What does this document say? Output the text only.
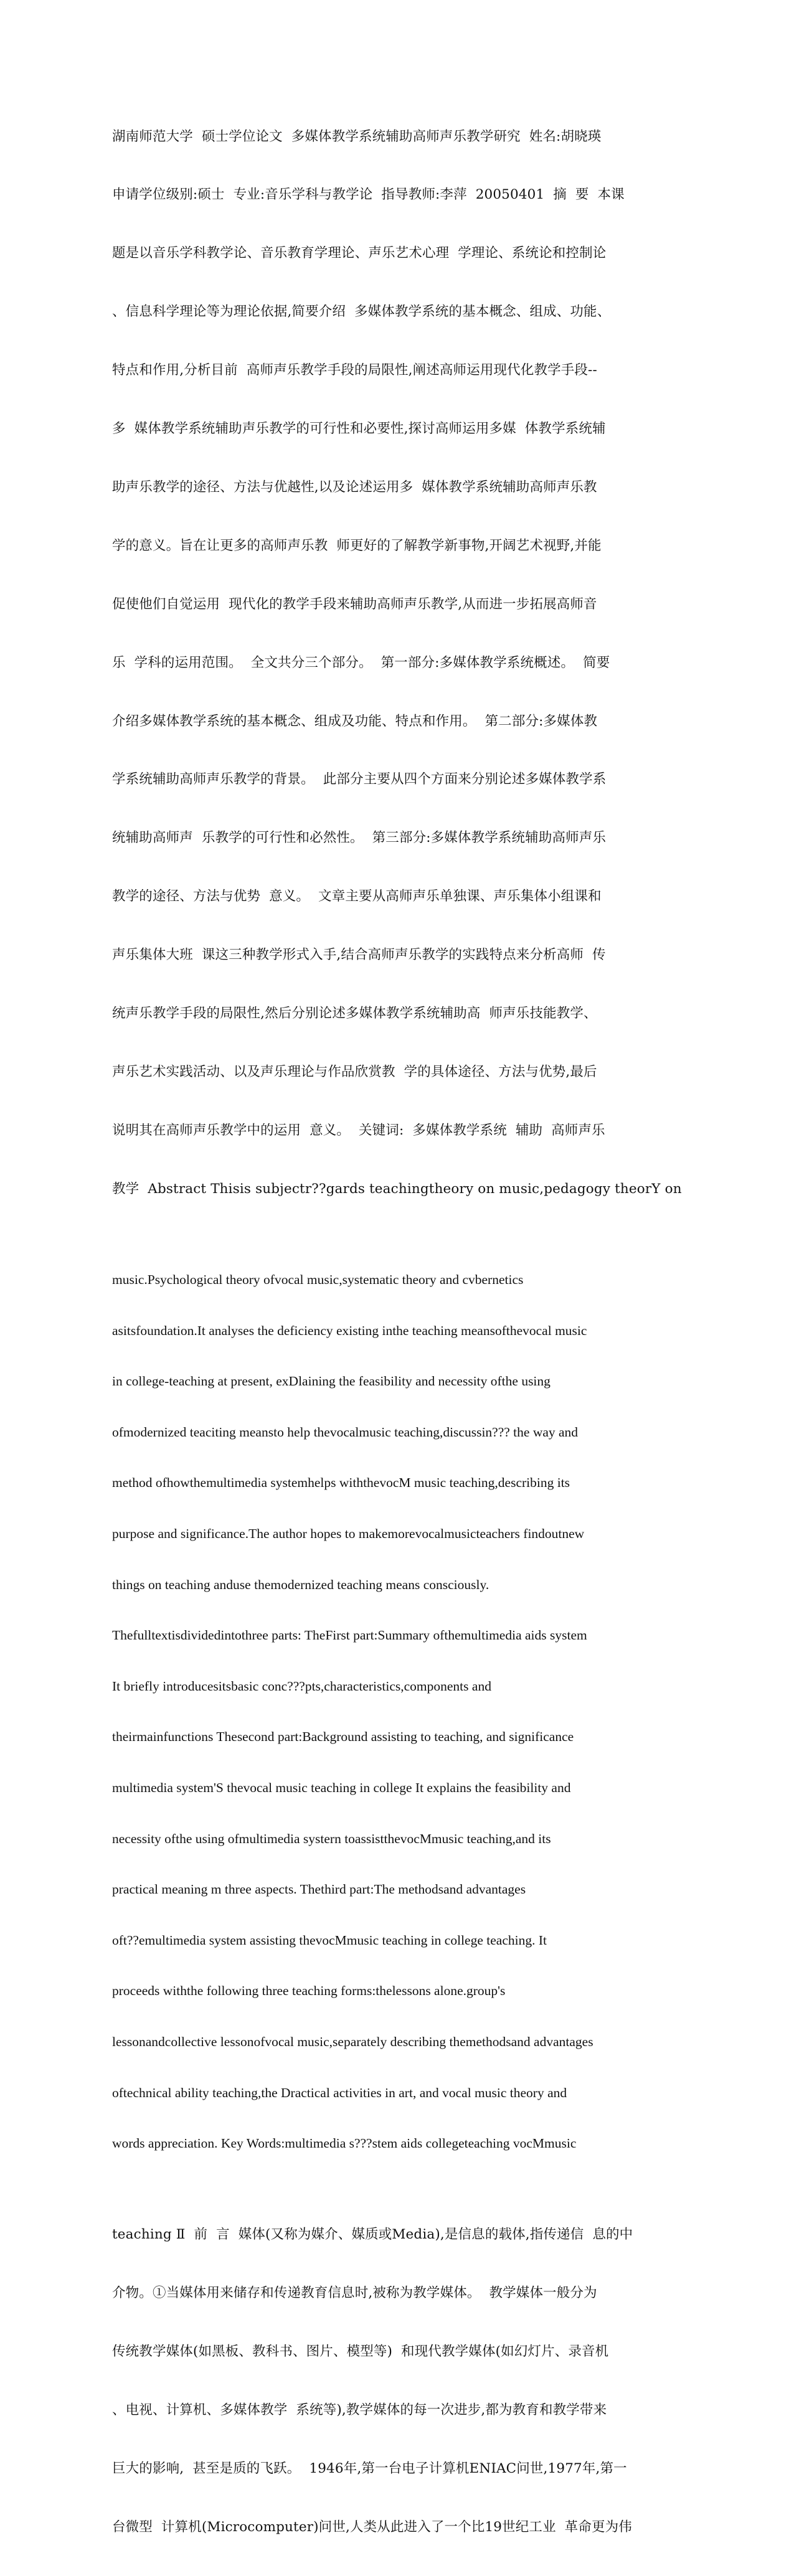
湖南师范大学  硕士学位论文  多媒体教学系统辅助高师声乐教学研究  姓名:胡晓瑛

申请学位级别:硕士  专业:音乐学科与教学论  指导教师:李萍  20050401  摘  要  本课

题是以音乐学科教学论、音乐教育学理论、声乐艺术心理  学理论、系统论和控制论

、信息科学理论等为理论依据,简要介绍  多媒体教学系统的基本概念、组成、功能、

特点和作用,分析目前  高师声乐教学手段的局限性,阐述高师运用现代化教学手段--

多  媒体教学系统辅助声乐教学的可行性和必要性,探讨高师运用多媒  体教学系统辅

助声乐教学的途径、方法与优越性,以及论述运用多  媒体教学系统辅助高师声乐教

学的意义。旨在让更多的高师声乐教  师更好的了解教学新事物,开阔艺术视野,并能

促使他们自觉运用  现代化的教学手段来辅助高师声乐教学,从而进一步拓展高师音

乐  学科的运用范围。  全文共分三个部分。  第一部分:多媒体教学系统概述。  简要

介绍多媒体教学系统的基本概念、组成及功能、特点和作用。  第二部分:多媒体教

学系统辅助高师声乐教学的背景。  此部分主要从四个方面来分别论述多媒体教学系

统辅助高师声  乐教学的可行性和必然性。  第三部分:多媒体教学系统辅助高师声乐

教学的途径、方法与优势  意义。  文章主要从高师声乐单独课、声乐集体小组课和

声乐集体大班  课这三种教学形式入手,结合高师声乐教学的实践特点来分析高师  传

统声乐教学手段的局限性,然后分别论述多媒体教学系统辅助高  师声乐技能教学、

声乐艺术实践活动、以及声乐理论与作品欣赏教  学的具体途径、方法与优势,最后

说明其在高师声乐教学中的运用  意义。  关键词:  多媒体教学系统  辅助  高师声乐

教学  Abstract Thisis subjectr??gards teachingtheory on music,pedagogy theorY on

music.Psychological theory ofvocal music,systematic theory and cvbernetics

asitsfoundation.It analyses the deficiency existing inthe teaching meansofthevocal music

in college-teaching at present, exDlaining the feasibility and necessity ofthe using

ofmodernized teaciting meansto help thevocalmusic teaching,discussin??? the way and

method ofhowthemultimedia systemhelps withthevocM music teaching,describing its

purpose and significance.The author hopes to makemorevocalmusicteachers findoutnew

things on teaching anduse themodernized teaching means consciously.

Thefulltextisdividedintothree parts: TheFirst part:Summary ofthemultimedia aids system

It briefly introducesitsbasic conc???pts,characteristics,components and

theirmainfunctions Thesecond part:Background assisting to teaching, and significance

multimedia system'S thevocal music teaching in college It explains the feasibility and

necessity ofthe using ofmultimedia systern toassistthevocMmusic teaching,and its

practical meaning m three aspects. Thethird part:The methodsand advantages

oft??emultimedia system assisting thevocMmusic teaching in college teaching. It

proceeds withthe following three teaching forms:thelessons alone.group's

lessonandcollective lessonofvocal music,separately describing themethodsand advantages

oftechnical ability teaching,the Dractical activities in art, and vocal music theory and

words appreciation. Key Words:multimedia s???stem aids collegeteaching vocMmusic

teaching Ⅱ  前  言  媒体(又称为媒介、媒质或Media),是信息的载体,指传递信  息的中

介物。①当媒体用来储存和传递教育信息时,被称为教学媒体。  教学媒体一般分为

传统教学媒体(如黑板、教科书、图片、模型等)  和现代教学媒体(如幻灯片、录音机

、电视、计算机、多媒体教学  系统等),教学媒体的每一次进步,都为教育和教学带来

巨大的影响,  甚至是质的飞跃。  1946年,第一台电子计算机ENIAC问世,1977年,第一

台微型  计算机(Microcomputer)问世,人类从此进入了一个比19世纪工业  革命更为伟
